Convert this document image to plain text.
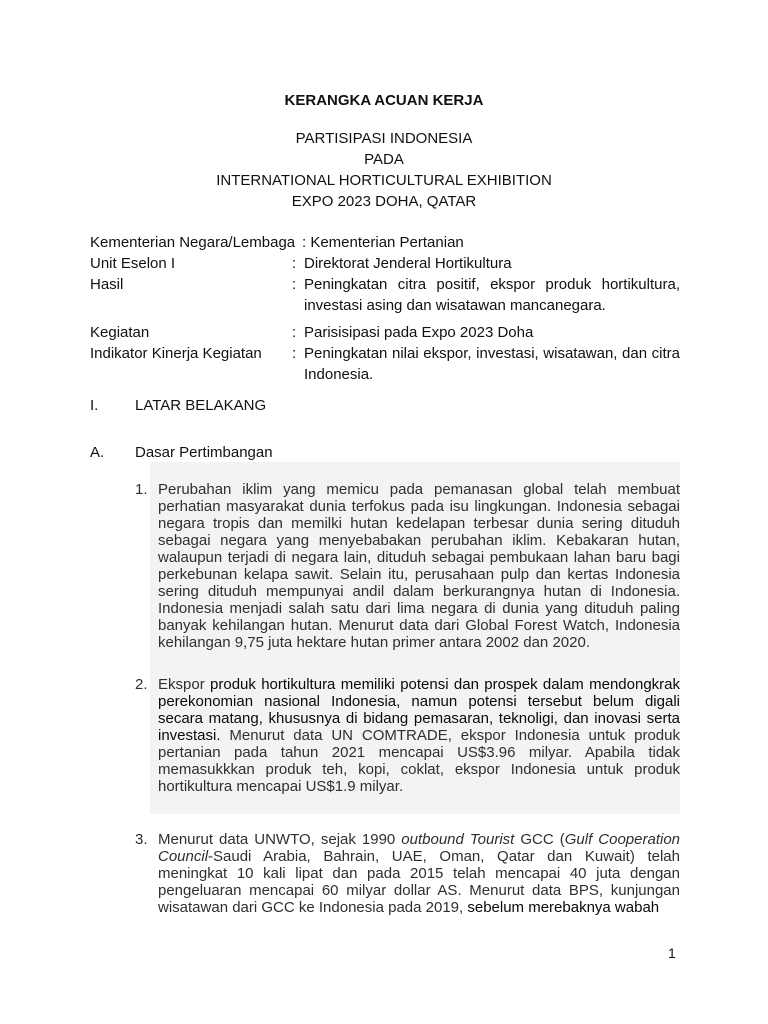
KERANGKA ACUAN KERJA
PARTISIPASI INDONESIA
PADA
INTERNATIONAL HORTICULTURAL EXHIBITION
EXPO 2023 DOHA, QATAR
Kementerian Negara/Lembaga : Kementerian Pertanian
Unit Eselon I	: Direktorat Jenderal Hortikultura
Hasil	: Peningkatan citra positif, ekspor produk hortikultura, investasi asing dan wisatawan mancanegara.
Kegiatan	: Parisisipasi pada Expo 2023 Doha
Indikator Kinerja Kegiatan : Peningkatan nilai ekspor, investasi, wisatawan, dan citra Indonesia.
I. LATAR BELAKANG
A. Dasar Pertimbangan
1. Perubahan iklim yang memicu pada pemanasan global telah membuat perhatian masyarakat dunia terfokus pada isu lingkungan. Indonesia sebagai negara tropis dan memilki hutan kedelapan terbesar dunia sering dituduh sebagai negara yang menyebabakan perubahan iklim. Kebakaran hutan, walaupun terjadi di negara lain, dituduh sebagai pembukaan lahan baru bagi perkebunan kelapa sawit. Selain itu, perusahaan pulp dan kertas Indonesia sering dituduh mempunyai andil dalam berkurangnya hutan di Indonesia. Indonesia menjadi salah satu dari lima negara di dunia yang dituduh paling banyak kehilangan hutan. Menurut data dari Global Forest Watch, Indonesia kehilangan 9,75 juta hektare hutan primer antara 2002 dan 2020.
2. Ekspor produk hortikultura memiliki potensi dan prospek dalam mendongkrak perekonomian nasional Indonesia, namun potensi tersebut belum digali secara matang, khususnya di bidang pemasaran, teknoligi, dan inovasi serta investasi. Menurut data UN COMTRADE, ekspor Indonesia untuk produk pertanian pada tahun 2021 mencapai US$3.96 milyar. Apabila tidak memasukkkan produk teh, kopi, coklat, ekspor Indonesia untuk produk hortikultura mencapai US$1.9 milyar.
3. Menurut data UNWTO, sejak 1990 outbound Tourist GCC (Gulf Cooperation Council-Saudi Arabia, Bahrain, UAE, Oman, Qatar dan Kuwait) telah meningkat 10 kali lipat dan pada 2015 telah mencapai 40 juta dengan pengeluaran mencapai 60 milyar dollar AS. Menurut data BPS, kunjungan wisatawan dari GCC ke Indonesia pada 2019, sebelum merebaknya wabah
1
